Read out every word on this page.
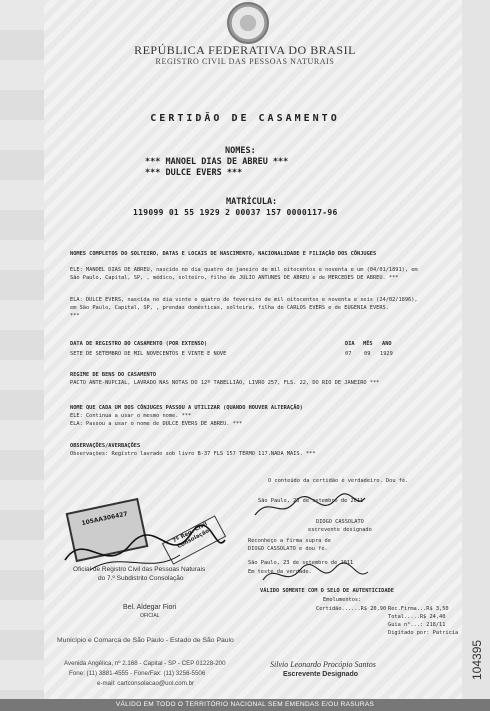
REPÚBLICA FEDERATIVA DO BRASIL
REGISTRO CIVIL DAS PESSOAS NATURAIS
CERTIDÃO DE CASAMENTO
NOMES:
*** MANOEL DIAS DE ABREU ***
*** DULCE EVERS ***
MATRÍCULA:
119099 01 55 1929 2 00037 157 0000117-96
NOMES COMPLETOS DO SOLTEIRO, DATAS E LOCAIS DE NASCIMENTO, NACIONALIDADE E FILIAÇÃO DOS CÔNJUGES
ELE: MANOEL DIAS DE ABREU, nascido no dia quatro de janeiro de mil oitocentos e noventa e um (04/01/1891), em
São Paulo, Capital, SP, , médico, solteiro, filho de JULIO ANTUNES DE ABREU e de MERCEDES DE ABREU. ***
ELA: DULCE EVERS, nascida no dia vinte e quatro de fevereiro de mil oitocentos e noventa e seis (24/02/1896),
em São Paulo, Capital, SP, , prendas domésticas, solteira, filha de CARLOS EVERS e de EUGENIA EVERS.
***
DATA DE REGISTRO DO CASAMENTO (POR EXTENSO)	DIA MÊS ANO
SETE DE SETEMBRO DE MIL NOVECENTOS E VINTE E NOVE	07 09 1929
REGIME DE BENS DO CASAMENTO
PACTO ANTE-NUPCIAL, LAVRADO NAS NOTAS DO 12º TABELLIÃO, LIVRO 257, FLS. 22, DO RIO DE JANEIRO ***
NOME QUE CADA UM DOS CÔNJUGES PASSOU A UTILIZAR (QUANDO HOUVER ALTERAÇÃO)
ELE: Continua a usar o mesmo nome. ***
ELA: Passou a usar o nome de DULCE EVERS DE ABREU. ***
OBSERVAÇÕES/AVERBAÇÕES
Observações: Registro lavrado sob livro B-37 FLS 157 TERMO 117.NADA MAIS. ***
O conteúdo da certidão é verdadeiro. Dou fé.
São Paulo, 23 de setembro de 2011
DIOGO CASSOLATO
escrevente designado
Reconheço a firma supra de
DIOGO CASSOLATO e dou fé.
São Paulo, 23 de setembro de 2011
Em teste da verdade.
VÁLIDO SOMENTE COM O SELO DE AUTENTICIDADE
Emolumentos:
Certidão......R$ 20,90 Rec.Firma...R$ 3,50
Total.....R$ 24,40
Guia n°...: 218/11
Digitado por: Patricia
105AA306427
7º Reg. Civil Consolação
Oficial de Registro Civil das Pessoas Naturais
do 7.º Subdistrito Consolação
Bel. Aldegar Fiori
OFICIAL
Município e Comarca de São Paulo - Estado de São Paulo
Avenida Angélica, nº 2.168 - Capital - SP - CEP 01228-200
Fone: (11) 3881-4555 - Fone/Fax: (11) 3256-5506
e-mail: cartconsolacao@uol.com.br
Silvio Leonardo Procópio Santos
Escrevente Designado	104395
VÁLIDO EM TODO O TERRITÓRIO NACIONAL SEM EMENDAS E/OU RASURAS
